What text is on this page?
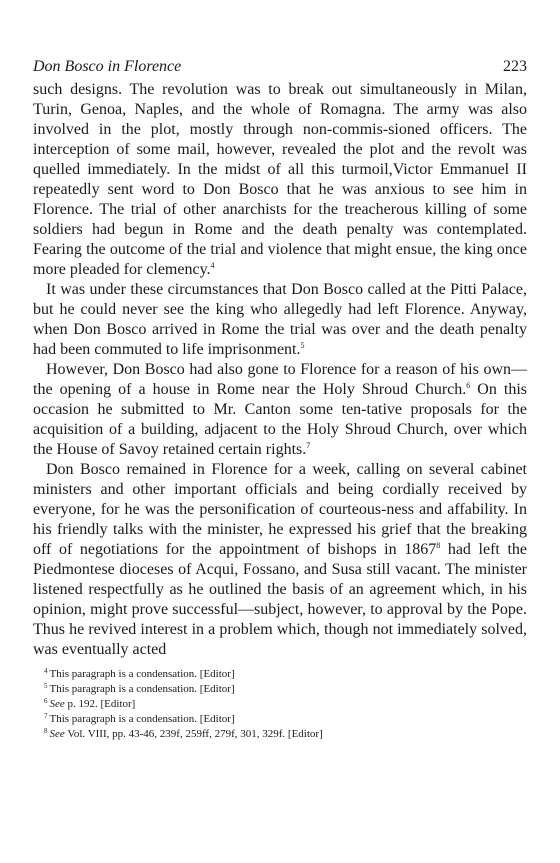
Don Bosco in Florence	223

such designs. The revolution was to break out simultaneously in Milan, Turin, Genoa, Naples, and the whole of Romagna. The army was also involved in the plot, mostly through non-commis-sioned officers. The interception of some mail, however, revealed the plot and the revolt was quelled immediately. In the midst of all this turmoil,Victor Emmanuel II repeatedly sent word to Don Bosco that he was anxious to see him in Florence. The trial of other anarchists for the treacherous killing of some soldiers had begun in Rome and the death penalty was contemplated. Fearing the outcome of the trial and violence that might ensue, the king once more pleaded for clemency.$^4$

It was under these circumstances that Don Bosco called at the Pitti Palace, but he could never see the king who allegedly had left Florence. Anyway, when Don Bosco arrived in Rome the trial was over and the death penalty had been commuted to life imprisonment.$^5$

However, Don Bosco had also gone to Florence for a reason of his own—the opening of a house in Rome near the Holy Shroud Church.$^6$ On this occasion he submitted to Mr. Canton some ten-tative proposals for the acquisition of a building, adjacent to the Holy Shroud Church, over which the House of Savoy retained certain rights.$^7$

Don Bosco remained in Florence for a week, calling on several cabinet ministers and other important officials and being cordially received by everyone, for he was the personification of courteous-ness and affability. In his friendly talks with the minister, he expressed his grief that the breaking off of negotiations for the appointment of bishops in 1867$^8$ had left the Piedmontese dioceses of Acqui, Fossano, and Susa still vacant. The minister listened respectfully as he outlined the basis of an agreement which, in his opinion, might prove successful—subject, however, to approval by the Pope. Thus he revived interest in a problem which, though not immediately solved, was eventually acted

$^4$ This paragraph is a condensation. [Editor]

$^5$ This paragraph is a condensation. [Editor]

$^6$ See p. 192. [Editor]

$^7$ This paragraph is a condensation. [Editor]

$^8$ See Vol. VIII, pp. 43-46, 239f, 259ff, 279f, 301, 329f. [Editor]
